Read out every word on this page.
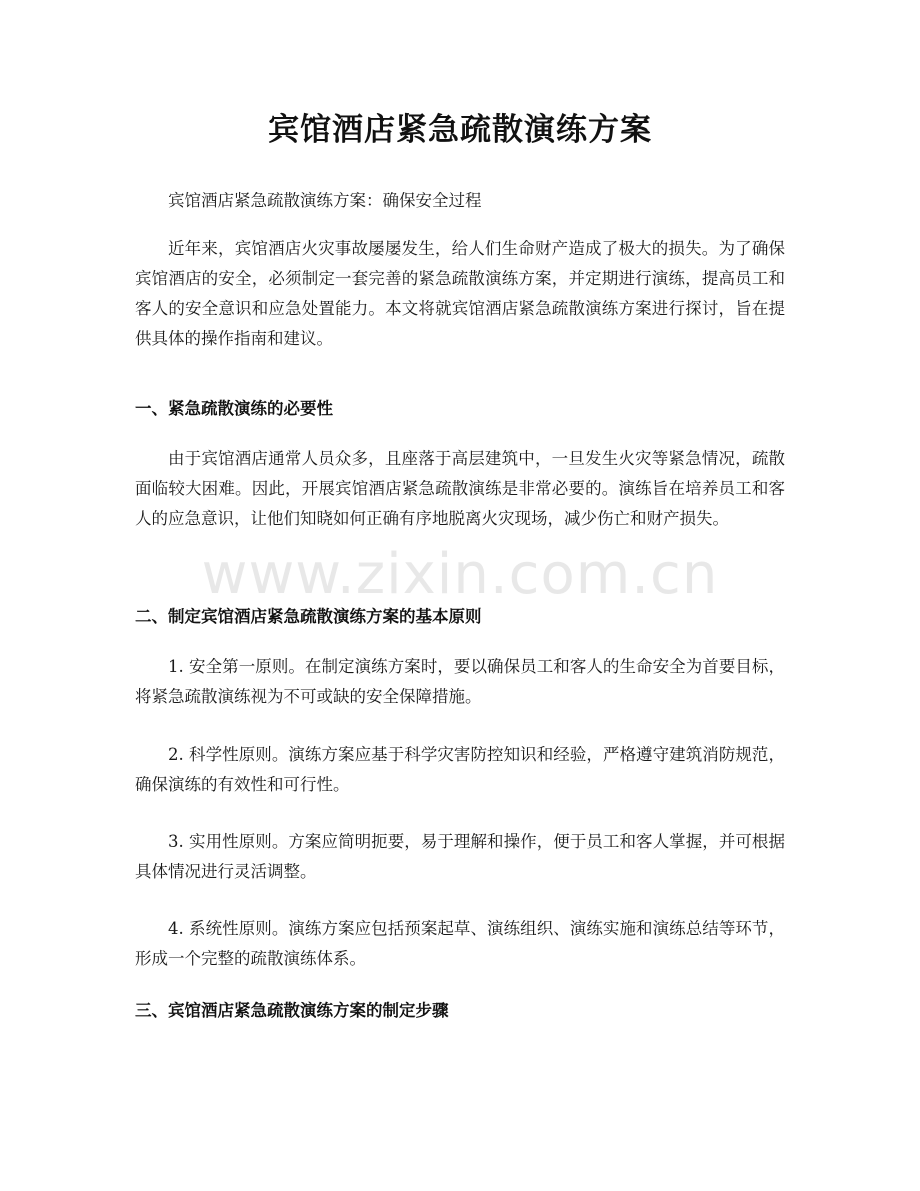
宾馆酒店紧急疏散演练方案

宾馆酒店紧急疏散演练方案：确保安全过程

近年来，宾馆酒店火灾事故屡屡发生，给人们生命财产造成了极大的损失。为了确保宾馆酒店的安全，必须制定一套完善的紧急疏散演练方案，并定期进行演练，提高员工和客人的安全意识和应急处置能力。本文将就宾馆酒店紧急疏散演练方案进行探讨，旨在提供具体的操作指南和建议。

一、紧急疏散演练的必要性

由于宾馆酒店通常人员众多，且座落于高层建筑中，一旦发生火灾等紧急情况，疏散面临较大困难。因此，开展宾馆酒店紧急疏散演练是非常必要的。演练旨在培养员工和客人的应急意识，让他们知晓如何正确有序地脱离火灾现场，减少伤亡和财产损失。

二、制定宾馆酒店紧急疏散演练方案的基本原则

1. 安全第一原则。在制定演练方案时，要以确保员工和客人的生命安全为首要目标，将紧急疏散演练视为不可或缺的安全保障措施。

2. 科学性原则。演练方案应基于科学灾害防控知识和经验，严格遵守建筑消防规范，确保演练的有效性和可行性。

3. 实用性原则。方案应简明扼要，易于理解和操作，便于员工和客人掌握，并可根据具体情况进行灵活调整。

4. 系统性原则。演练方案应包括预案起草、演练组织、演练实施和演练总结等环节，形成一个完整的疏散演练体系。

三、宾馆酒店紧急疏散演练方案的制定步骤
www.zixin.com.cn
